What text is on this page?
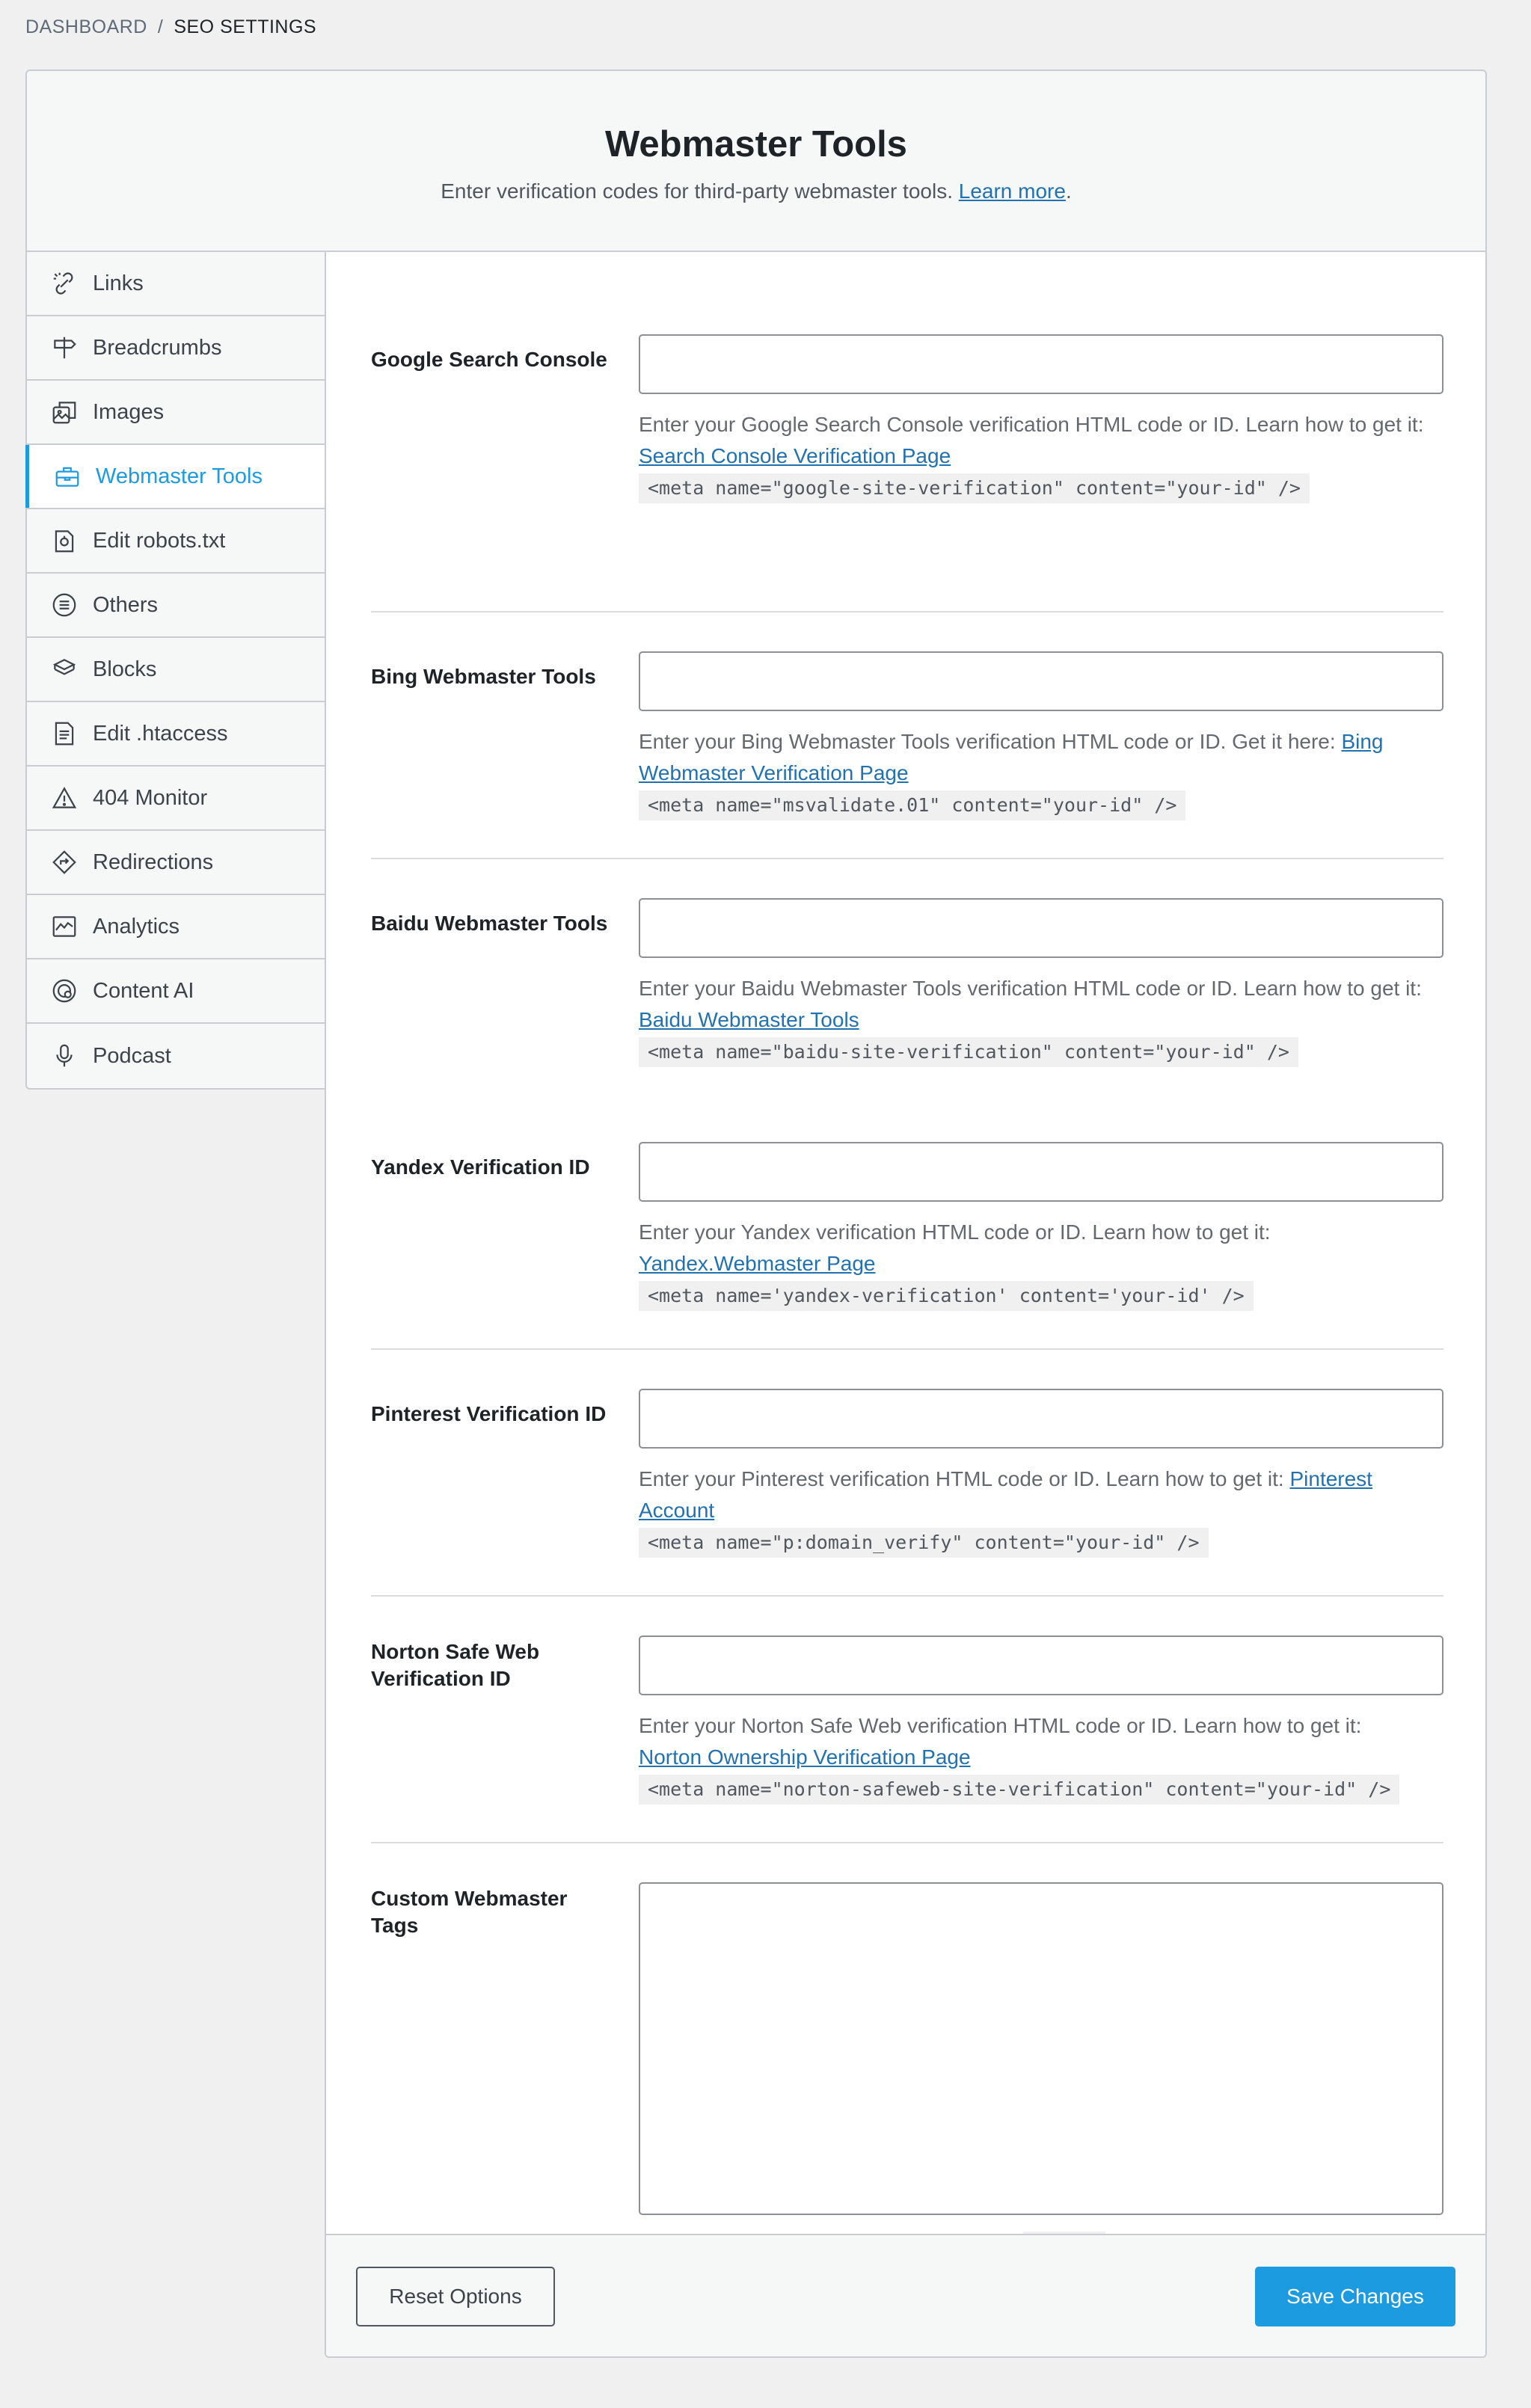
DASHBOARD / SEO SETTINGS
Webmaster Tools
Enter verification codes for third-party webmaster tools. Learn more.
Links
Breadcrumbs
Images
Webmaster Tools
Edit robots.txt
Others
Blocks
Edit .htaccess
404 Monitor
Redirections
Analytics
Content AI
Podcast
Google Search Console
Enter your Google Search Console verification HTML code or ID. Learn how to get it: Search Console Verification Page
<meta name="google-site-verification" content="your-id" />
Bing Webmaster Tools
Enter your Bing Webmaster Tools verification HTML code or ID. Get it here: Bing Webmaster Verification Page
<meta name="msvalidate.01" content="your-id" />
Baidu Webmaster Tools
Enter your Baidu Webmaster Tools verification HTML code or ID. Learn how to get it: Baidu Webmaster Tools
<meta name="baidu-site-verification" content="your-id" />
Yandex Verification ID
Enter your Yandex verification HTML code or ID. Learn how to get it:
Yandex.Webmaster Page
<meta name='yandex-verification' content='your-id' />
Pinterest Verification ID
Enter your Pinterest verification HTML code or ID. Learn how to get it: Pinterest Account
<meta name="p:domain_verify" content="your-id" />
Norton Safe Web Verification ID
Enter your Norton Safe Web verification HTML code or ID. Learn how to get it:
Norton Ownership Verification Page
<meta name="norton-safeweb-site-verification" content="your-id" />
Custom Webmaster Tags
Reset Options	Save Changes
